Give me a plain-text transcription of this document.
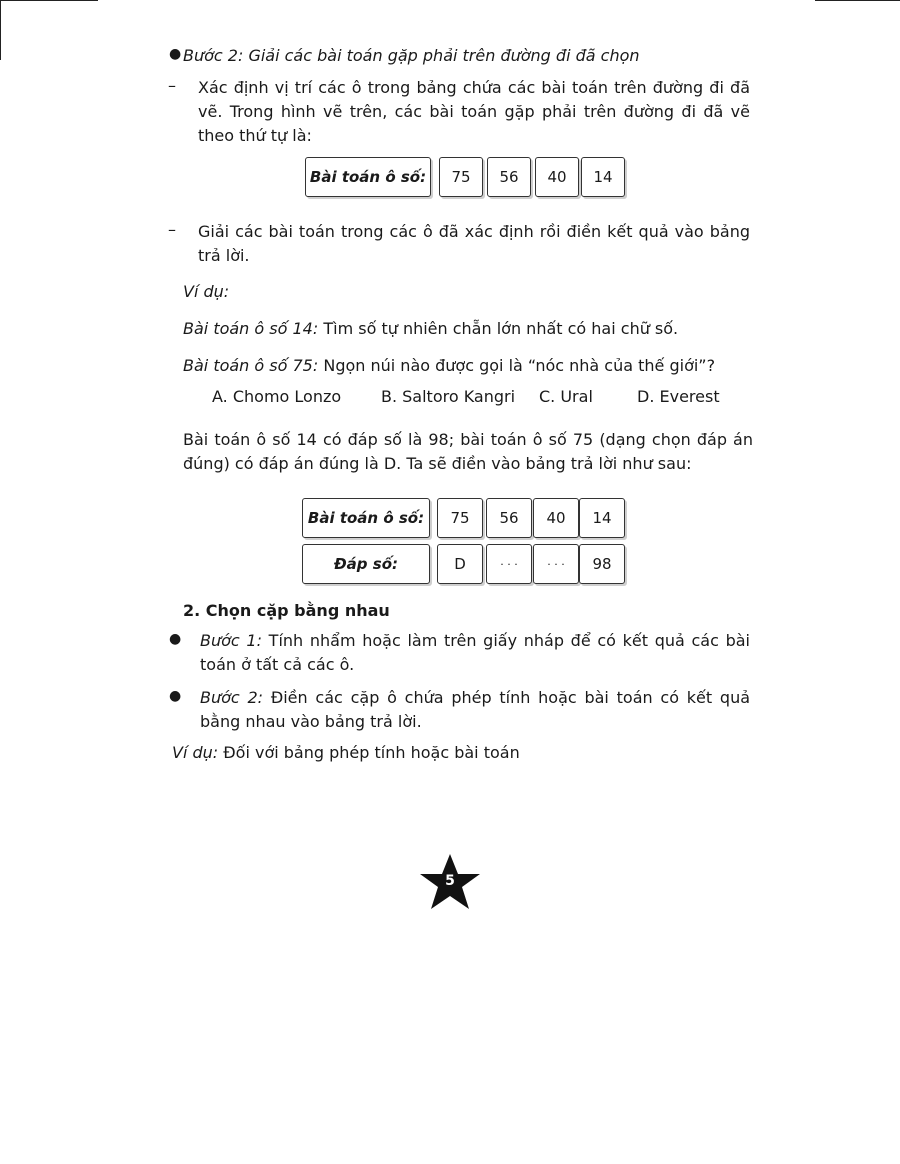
● Bước 2: Giải các bài toán gặp phải trên đường đi đã chọn

– Xác định vị trí các ô trong bảng chứa các bài toán trên đường đi đã vẽ. Trong hình vẽ trên, các bài toán gặp phải trên đường đi đã vẽ theo thứ tự là:

Bài toán ô số:	75	56	40	14
– Giải các bài toán trong các ô đã xác định rồi điền kết quả vào bảng trả lời.

Ví dụ:

Bài toán ô số 14: Tìm số tự nhiên chẵn lớn nhất có hai chữ số.

Bài toán ô số 75: Ngọn núi nào được gọi là “nóc nhà của thế giới”?

A. Chomo Lonzo B. Saltoro Kangri C. Ural	D. Everest

Bài toán ô số 14 có đáp số là 98; bài toán ô số 75 (dạng chọn đáp án đúng) có đáp án đúng là D. Ta sẽ điền vào bảng trả lời như sau:

Bài toán ô số:	75	56	40	14
Đáp số:	D	· · ·	· · ·	98

2. Chọn cặp bằng nhau

● Bước 1: Tính nhẩm hoặc làm trên giấy nháp để có kết quả các bài toán ở tất cả các ô.

● Bước 2: Điền các cặp ô chứa phép tính hoặc bài toán có kết quả bằng nhau vào bảng trả lời.

Ví dụ: Đối với bảng phép tính hoặc bài toán

5
